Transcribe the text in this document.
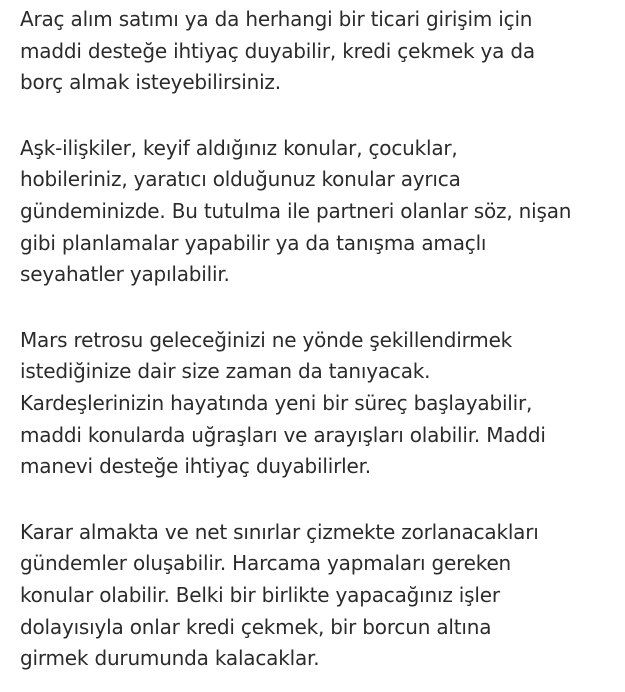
Araç alım satımı ya da herhangi bir ticari girişim için
maddi desteğe ihtiyaç duyabilir, kredi çekmek ya da
borç almak isteyebilirsiniz.

Aşk-ilişkiler, keyif aldığınız konular, çocuklar,
hobileriniz, yaratıcı olduğunuz konular ayrıca
gündeminizde. Bu tutulma ile partneri olanlar söz, nişan
gibi planlamalar yapabilir ya da tanışma amaçlı
seyahatler yapılabilir.

Mars retrosu geleceğinizi ne yönde şekillendirmek
istediğinize dair size zaman da tanıyacak.
Kardeşlerinizin hayatında yeni bir süreç başlayabilir,
maddi konularda uğraşları ve arayışları olabilir. Maddi
manevi desteğe ihtiyaç duyabilirler.

Karar almakta ve net sınırlar çizmekte zorlanacakları
gündemler oluşabilir. Harcama yapmaları gereken
konular olabilir. Belki bir birlikte yapacağınız işler
dolayısıyla onlar kredi çekmek, bir borcun altına
girmek durumunda kalacaklar.
